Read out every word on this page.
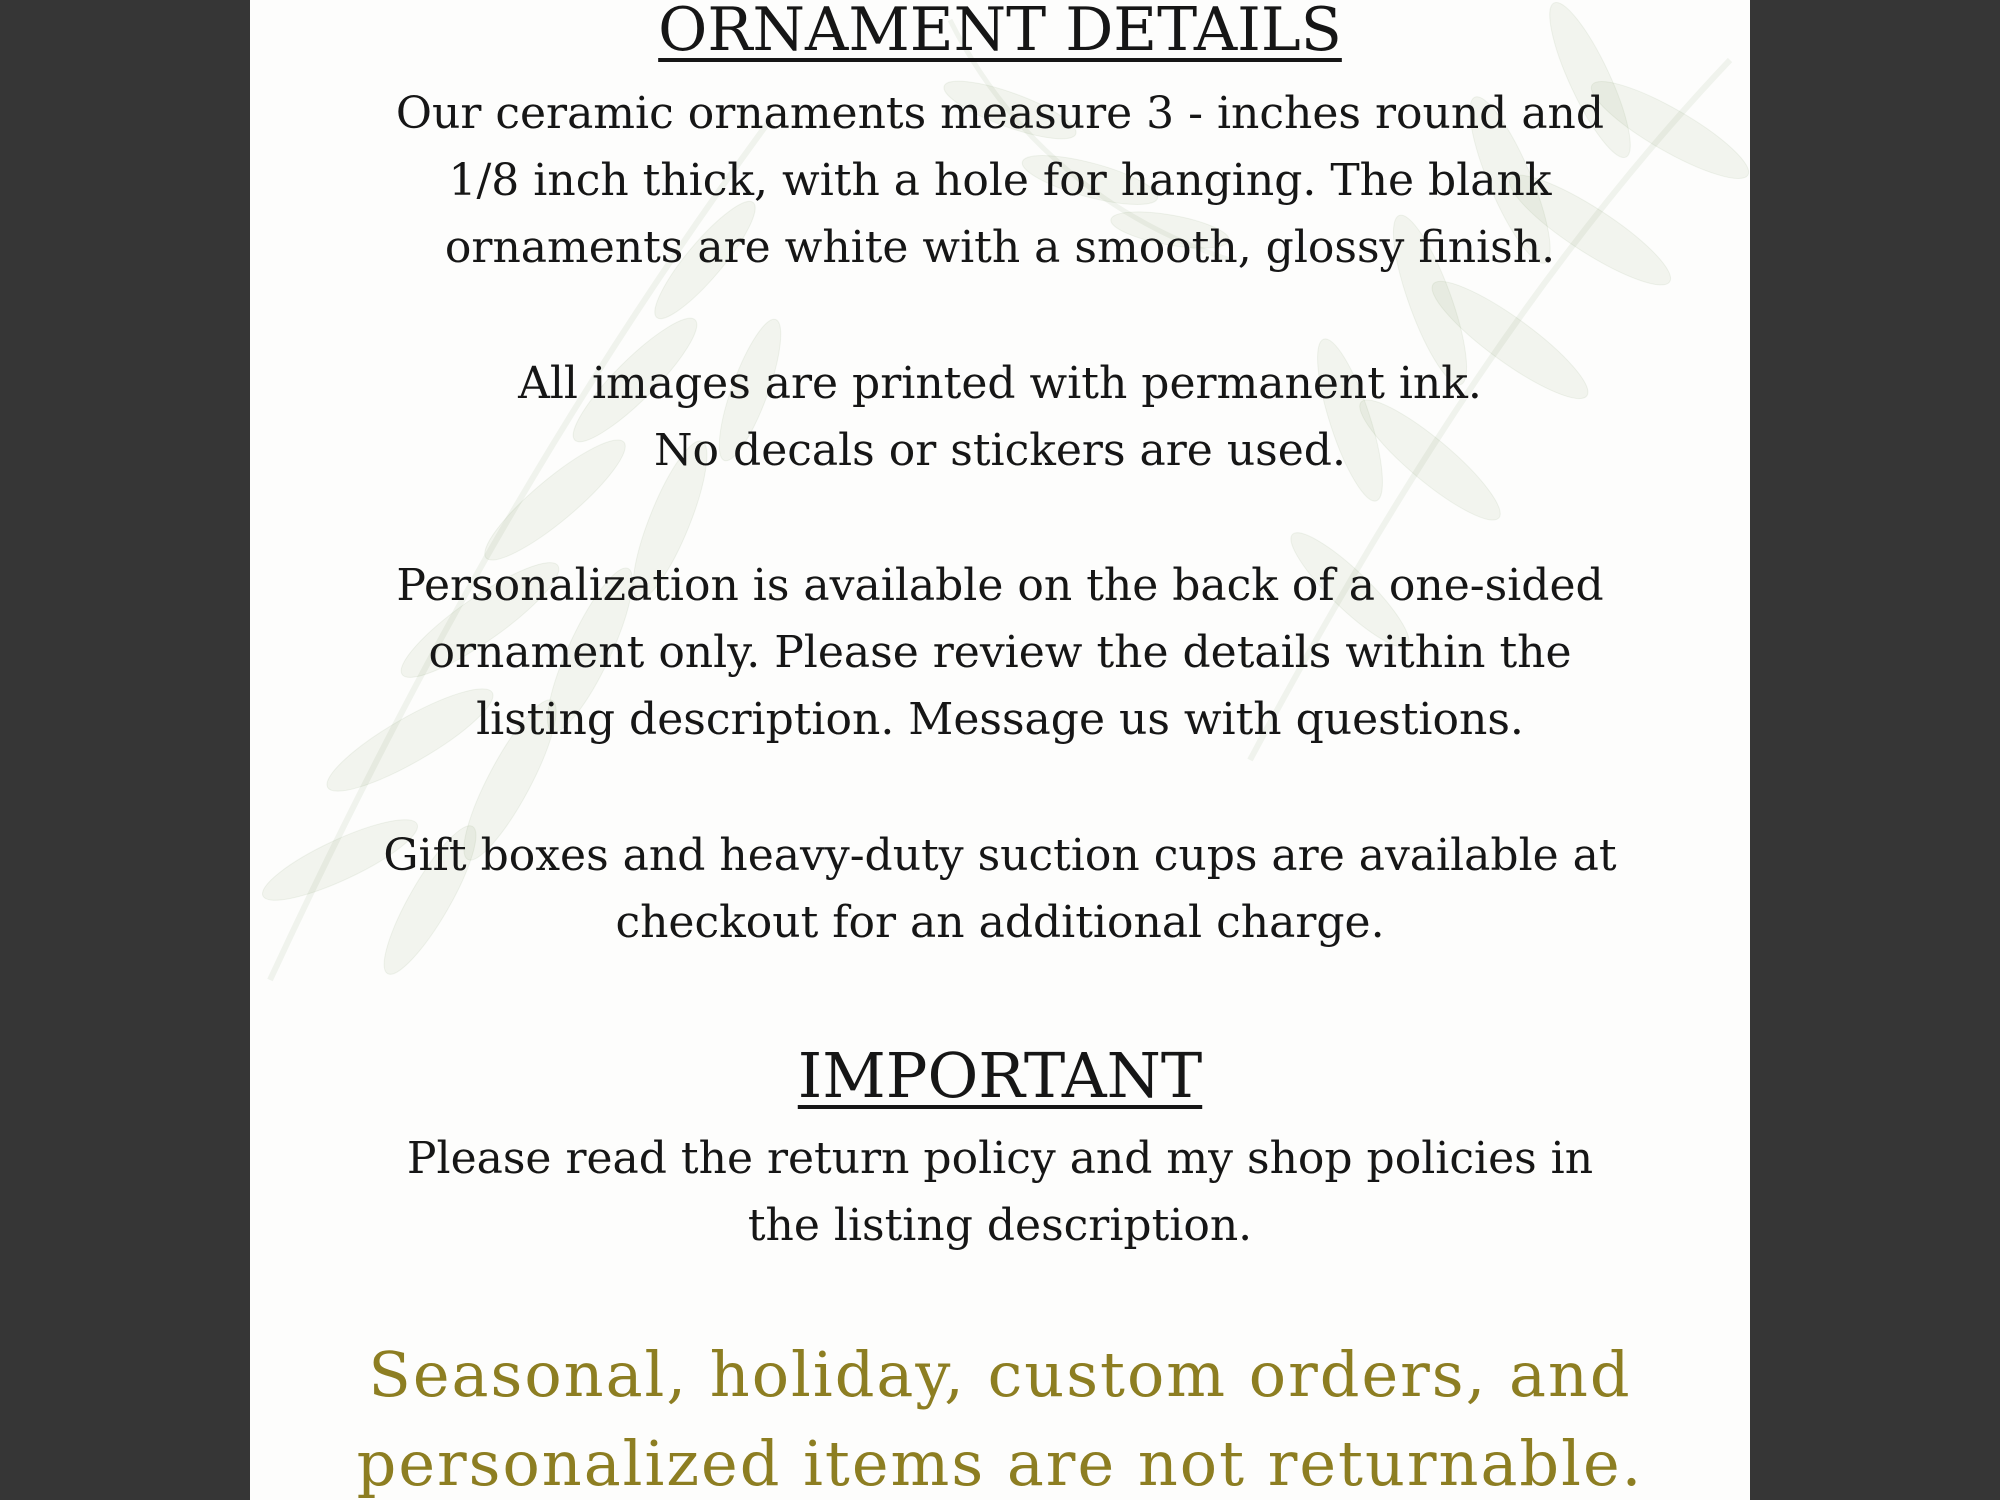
ORNAMENT DETAILS
Our ceramic ornaments measure 3 - inches round and
1/8 inch thick, with a hole for hanging. The blank
ornaments are white with a smooth, glossy finish.
All images are printed with permanent ink.
No decals or stickers are used.
Personalization is available on the back of a one-sided
ornament only. Please review the details within the
listing description. Message us with questions.
Gift boxes and heavy-duty suction cups are available at
checkout for an additional charge.
IMPORTANT
Please read the return policy and my shop policies in
the listing description.
Seasonal, holiday, custom orders, and
personalized items are not returnable.
